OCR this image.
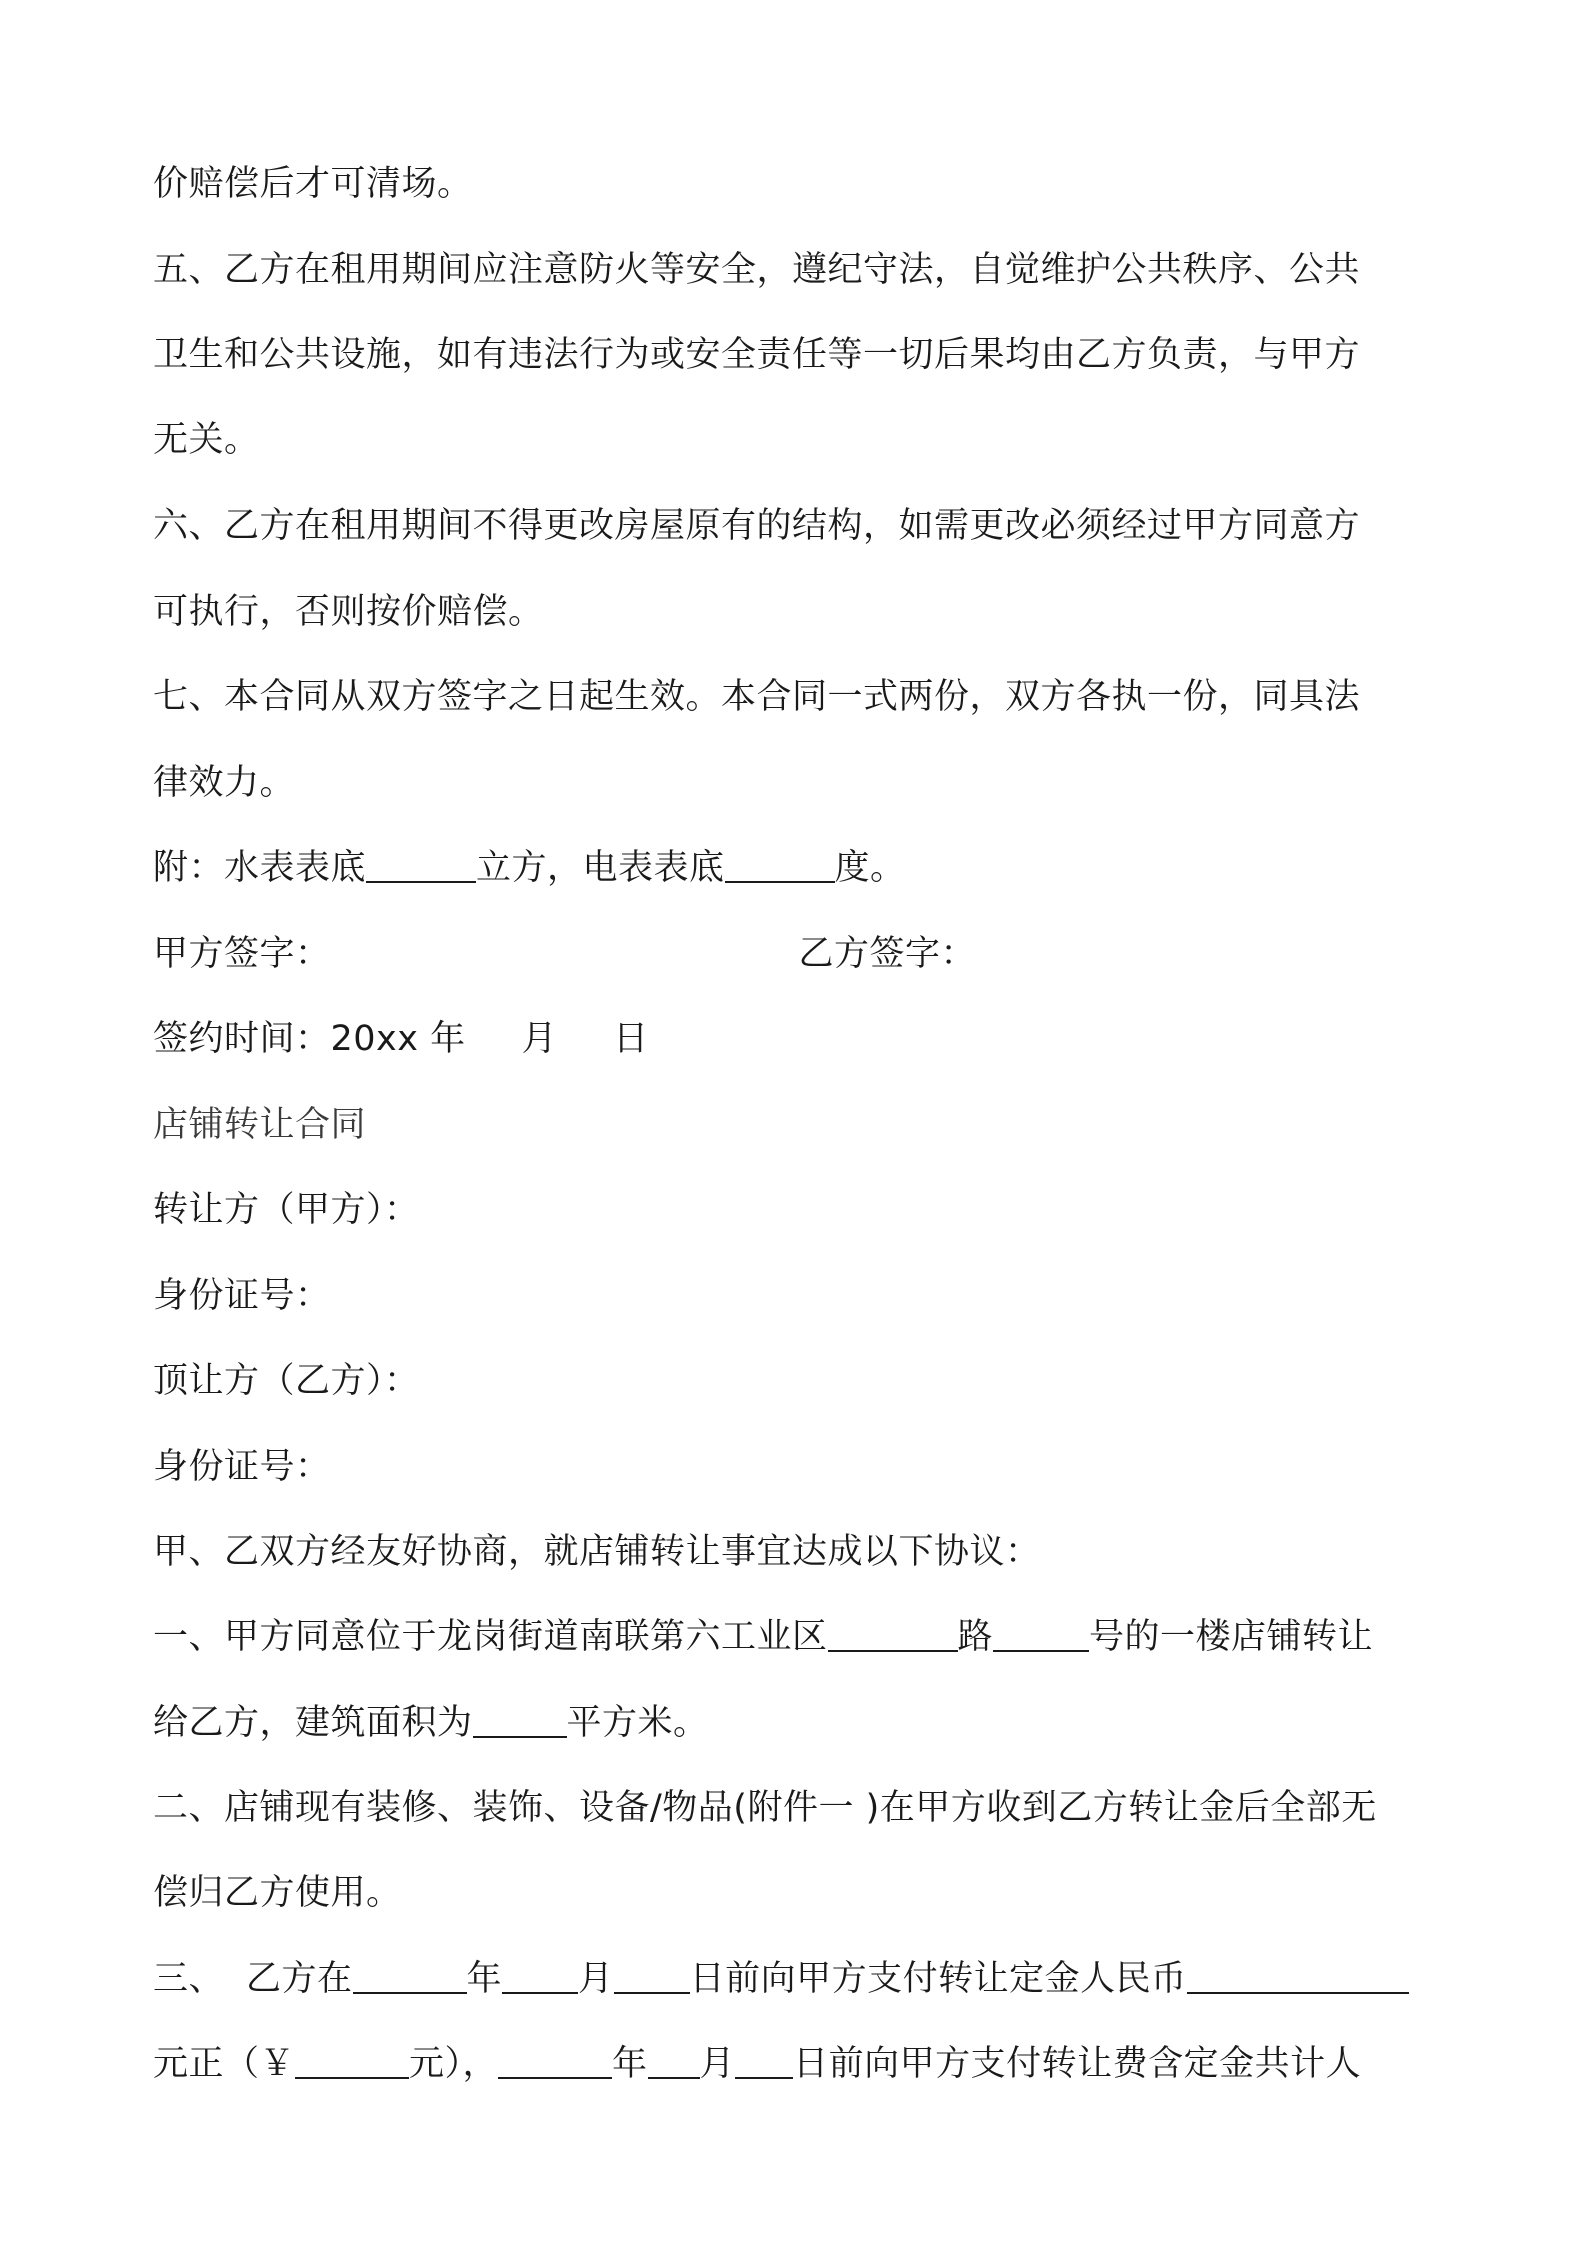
价赔偿后才可清场。
五、乙方在租用期间应注意防火等安全，遵纪守法，自觉维护公共秩序、公共
卫生和公共设施，如有违法行为或安全责任等一切后果均由乙方负责，与甲方
无关。
六、乙方在租用期间不得更改房屋原有的结构，如需更改必须经过甲方同意方
可执行，否则按价赔偿。
七、本合同从双方签字之日起生效。本合同一式两份，双方各执一份，同具法
律效力。
附：水表表底	立方，电表表底	度。
甲方签字：	乙方签字：
签约时间：20xx 年 月 日
店铺转让合同
转让方（甲方）：
身份证号：
顶让方（乙方）：
身份证号：
甲、乙双方经友好协商，就店铺转让事宜达成以下协议：
一、甲方同意位于龙岗街道南联第六工业区	路	号的一楼店铺转让
给乙方，建筑面积为	平方米。
二、店铺现有装修、装饰、设备/物品(附件一 )在甲方收到乙方转让金后全部无
偿归乙方使用。
三、 乙方在	年 月 日前向甲方支付转让定金人民币
元正（￥	元），	年 月 日前向甲方支付转让费含定金共计人
